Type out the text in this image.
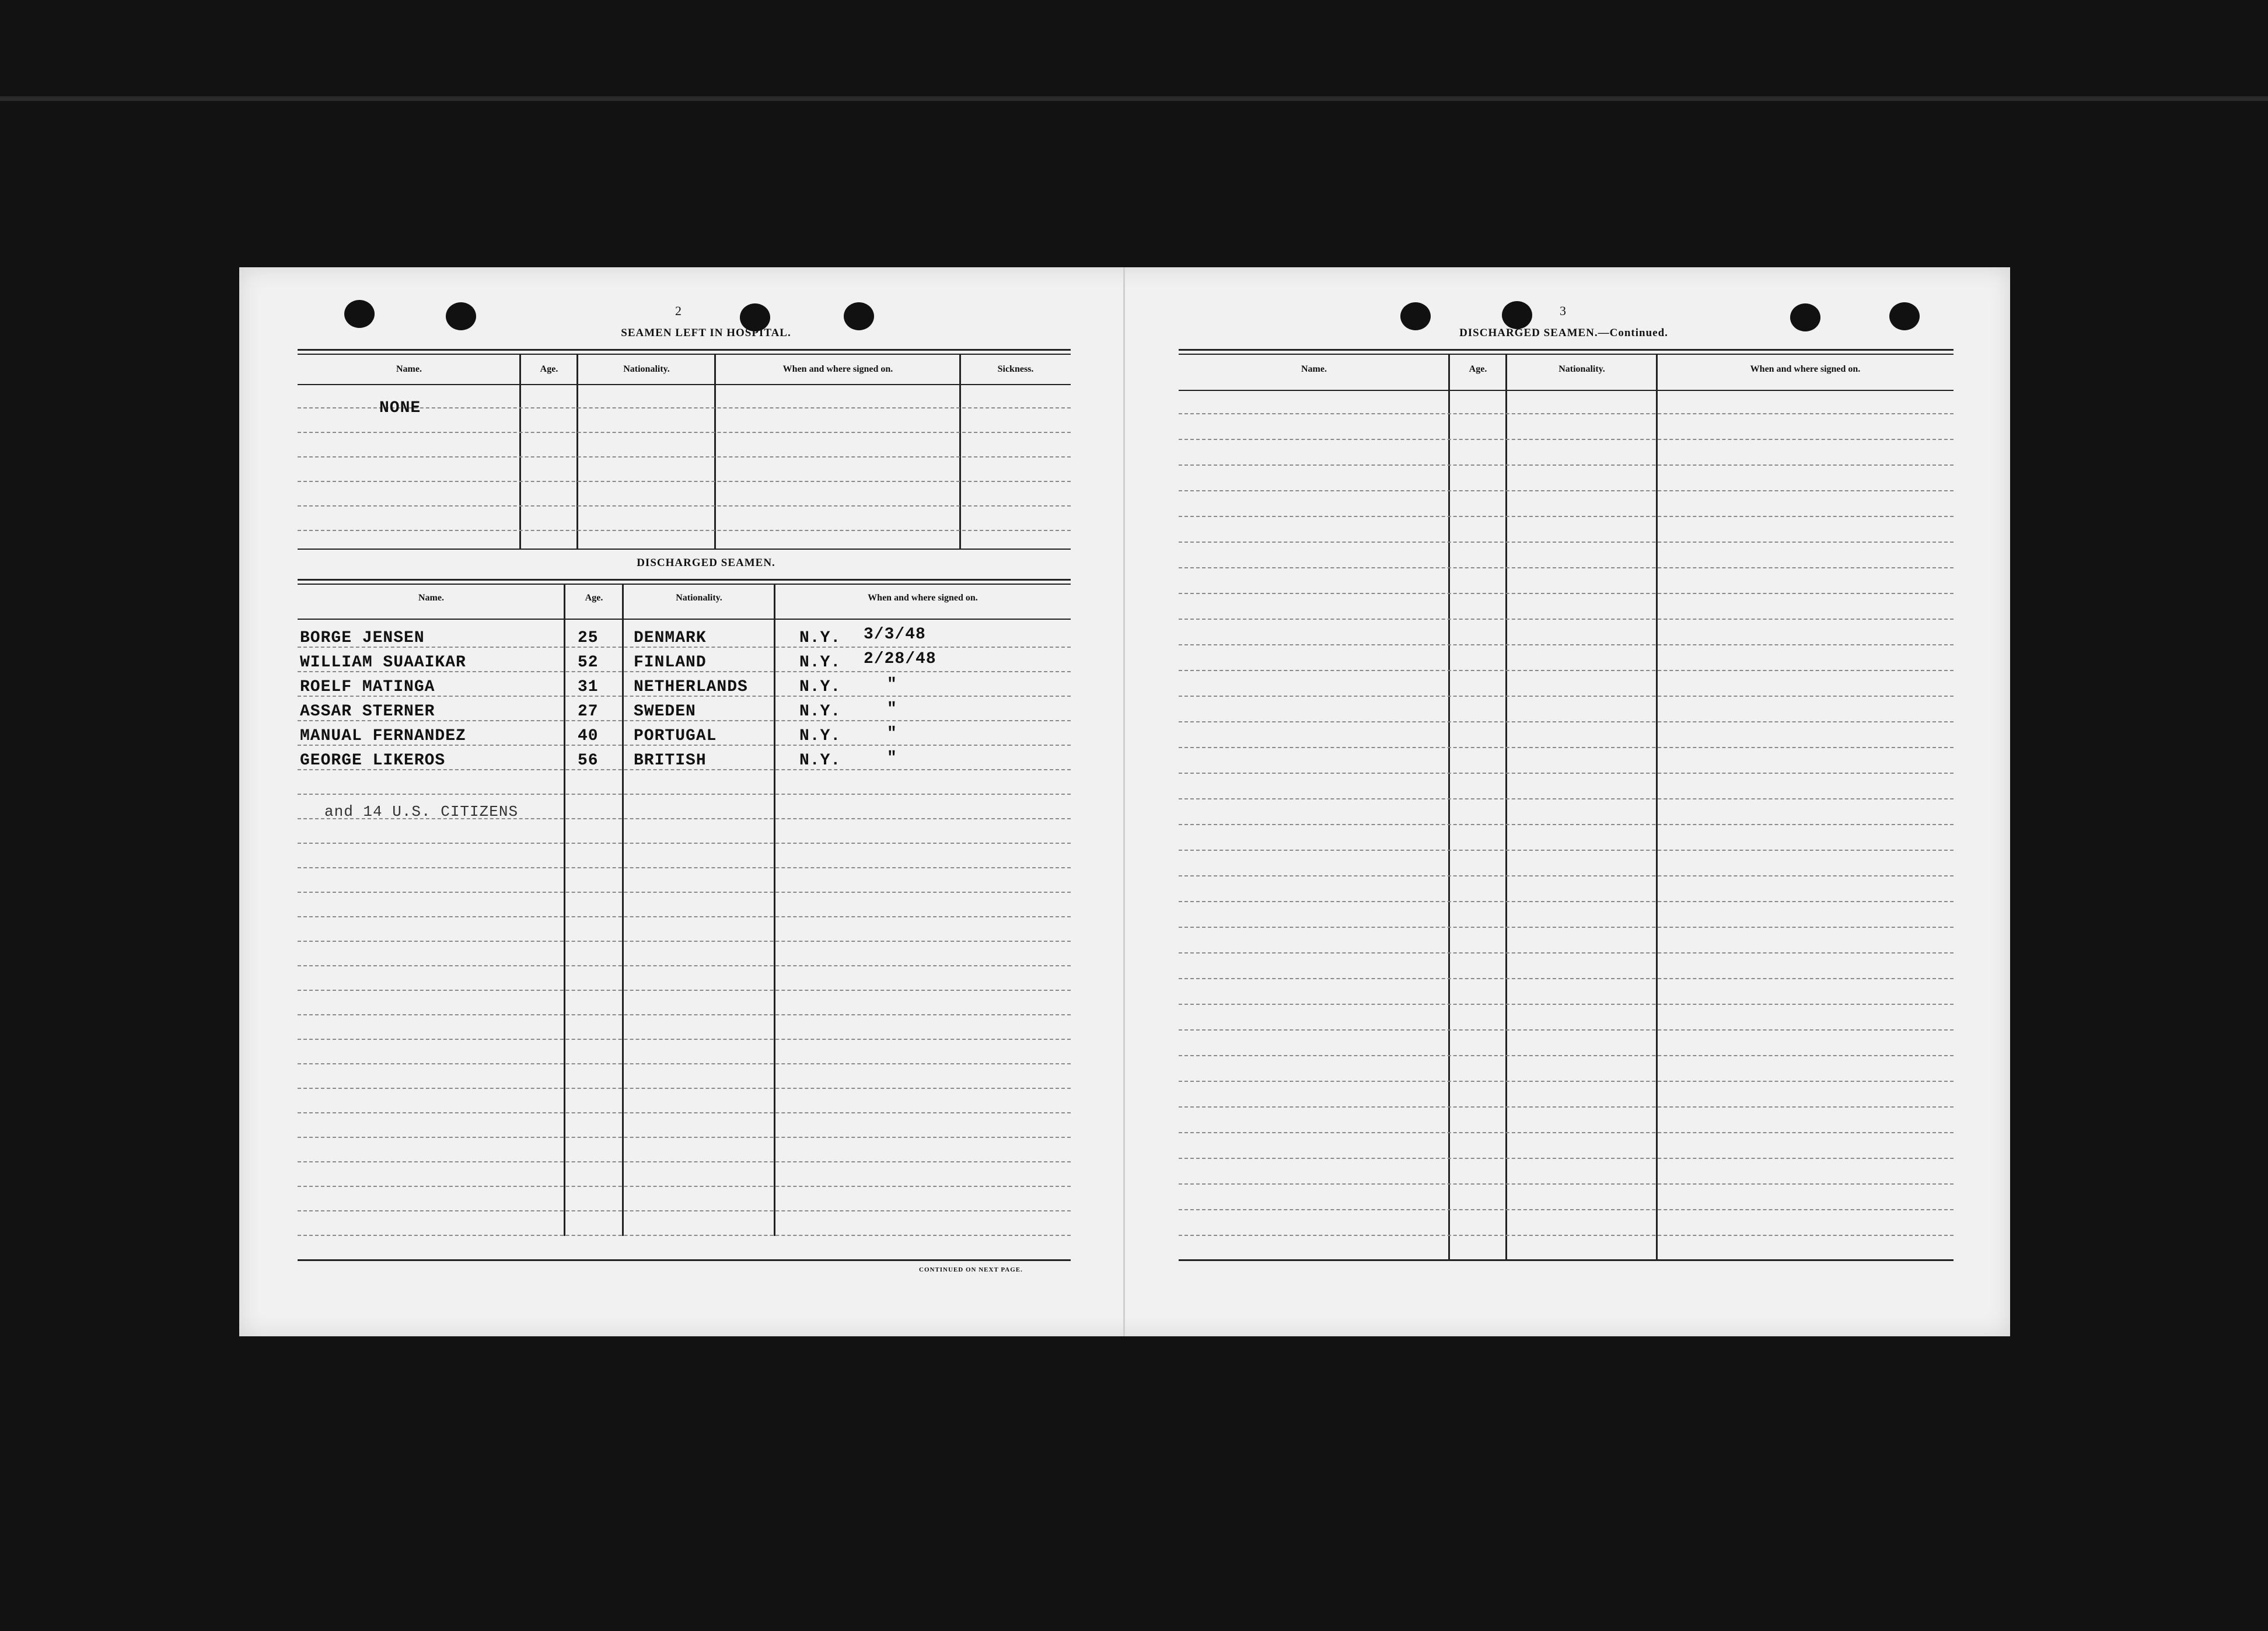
2
SEAMEN LEFT IN HOSPITAL.
Name.	Age.	Nationality.	When and where signed on.	Sickness.
NONE
DISCHARGED SEAMEN.
Name.	Age.	Nationality.	When and where signed on.
BORGE JENSEN	25 DENMARK	N.Y. 3/3/48
WILLIAM SUAAIKAR	52 FINLAND	N.Y. 2/28/48
ROELF MATINGA	31 NETHERLANDS	N.Y.	"
ASSAR STERNER	27 SWEDEN	N.Y.	"
MANUAL FERNANDEZ	40 PORTUGAL	N.Y.	"
GEORGE LIKEROS	56 BRITISH	N.Y.	"
and 14 U.S. CITIZENS
CONTINUED ON NEXT PAGE.
3
DISCHARGED SEAMEN.—Continued.
Name.	Age.	Nationality.	When and where signed on.
